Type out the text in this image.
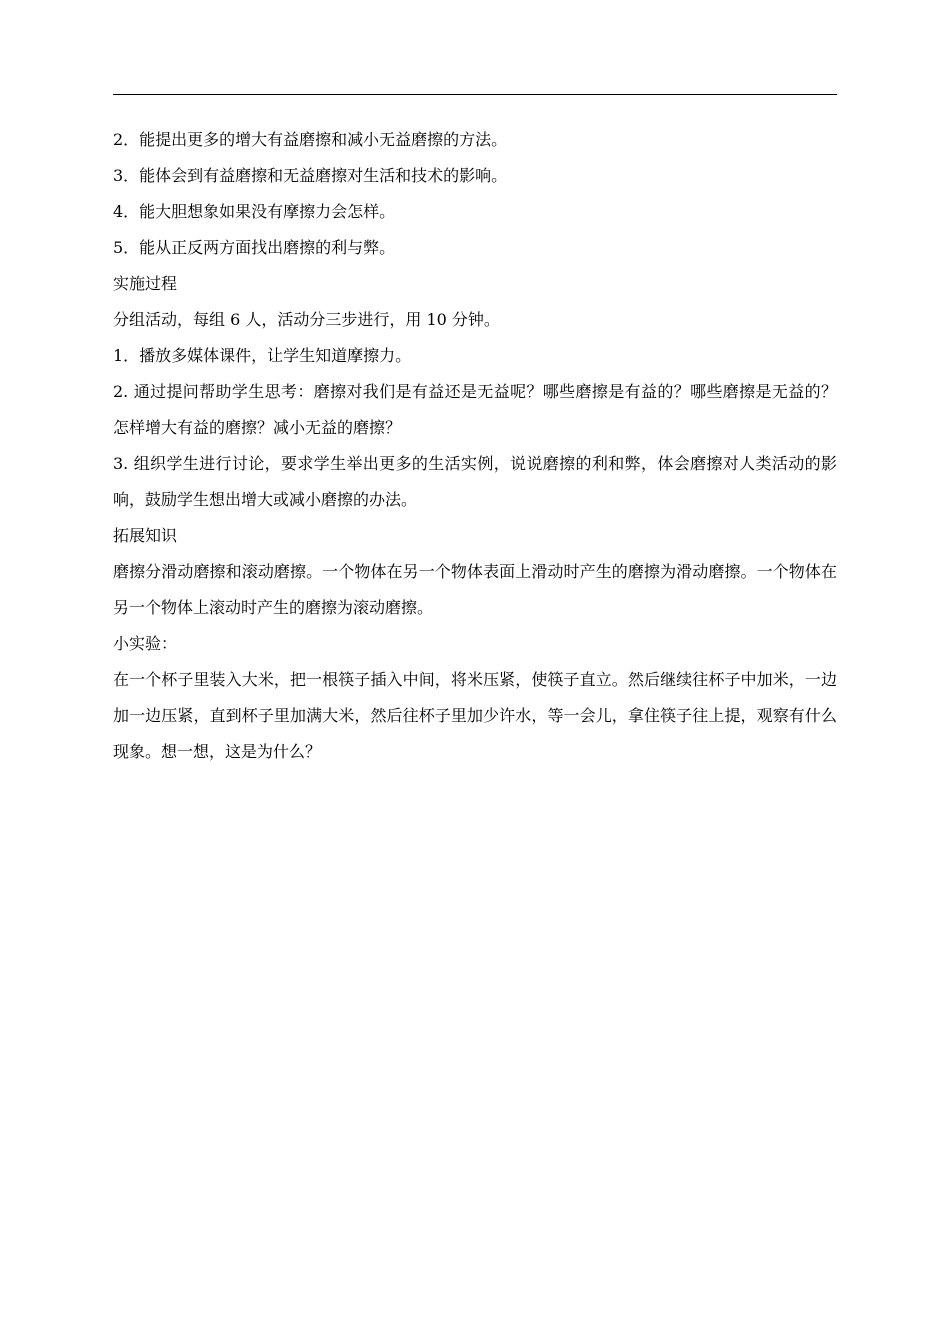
2．能提出更多的增大有益磨擦和减小无益磨擦的方法。

3．能体会到有益磨擦和无益磨擦对生活和技术的影响。

4．能大胆想象如果没有摩擦力会怎样。

5．能从正反两方面找出磨擦的利与弊。

实施过程

分组活动，每组 6 人，活动分三步进行，用 10 分钟。

1．播放多媒体课件，让学生知道摩擦力。

2. 通过提问帮助学生思考：磨擦对我们是有益还是无益呢？哪些磨擦是有益的？哪些磨擦是无益的？怎样增大有益的磨擦？减小无益的磨擦？

3. 组织学生进行讨论，要求学生举出更多的生活实例，说说磨擦的利和弊，体会磨擦对人类活动的影响，鼓励学生想出增大或减小磨擦的办法。

拓展知识

磨擦分滑动磨擦和滚动磨擦。一个物体在另一个物体表面上滑动时产生的磨擦为滑动磨擦。一个物体在另一个物体上滚动时产生的磨擦为滚动磨擦。

小实验：

在一个杯子里装入大米，把一根筷子插入中间，将米压紧，使筷子直立。然后继续往杯子中加米，一边加一边压紧，直到杯子里加满大米，然后往杯子里加少许水，等一会儿，拿住筷子往上提，观察有什么现象。想一想，这是为什么？
